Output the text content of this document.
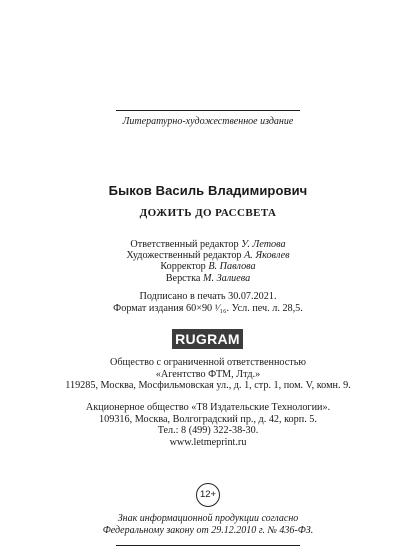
Литературно-художественное издание
Быков Василь Владимирович
ДОЖИТЬ ДО РАССВЕТА
Ответственный редактор У. Летова
Художественный редактор А. Яковлев
Корректор В. Павлова
Верстка М. Залиева
Подписано в печать 30.07.2021.
Формат издания 60×90 ¹⁄₁₆. Усл. печ. л. 28,5.
RUGRAM
Общество с ограниченной ответственностью
«Агентство ФТМ, Лтд.»
119285, Москва, Мосфильмовская ул., д. 1, стр. 1, пом. V, комн. 9.
Акционерное общество «Т8 Издательские Технологии».
109316, Москва, Волгоградский пр., д. 42, корп. 5.
Тел.: 8 (499) 322-38-30.
www.letmeprint.ru
12+
Знак информационной продукции согласно
Федеральному закону от 29.12.2010 г. № 436-ФЗ.
